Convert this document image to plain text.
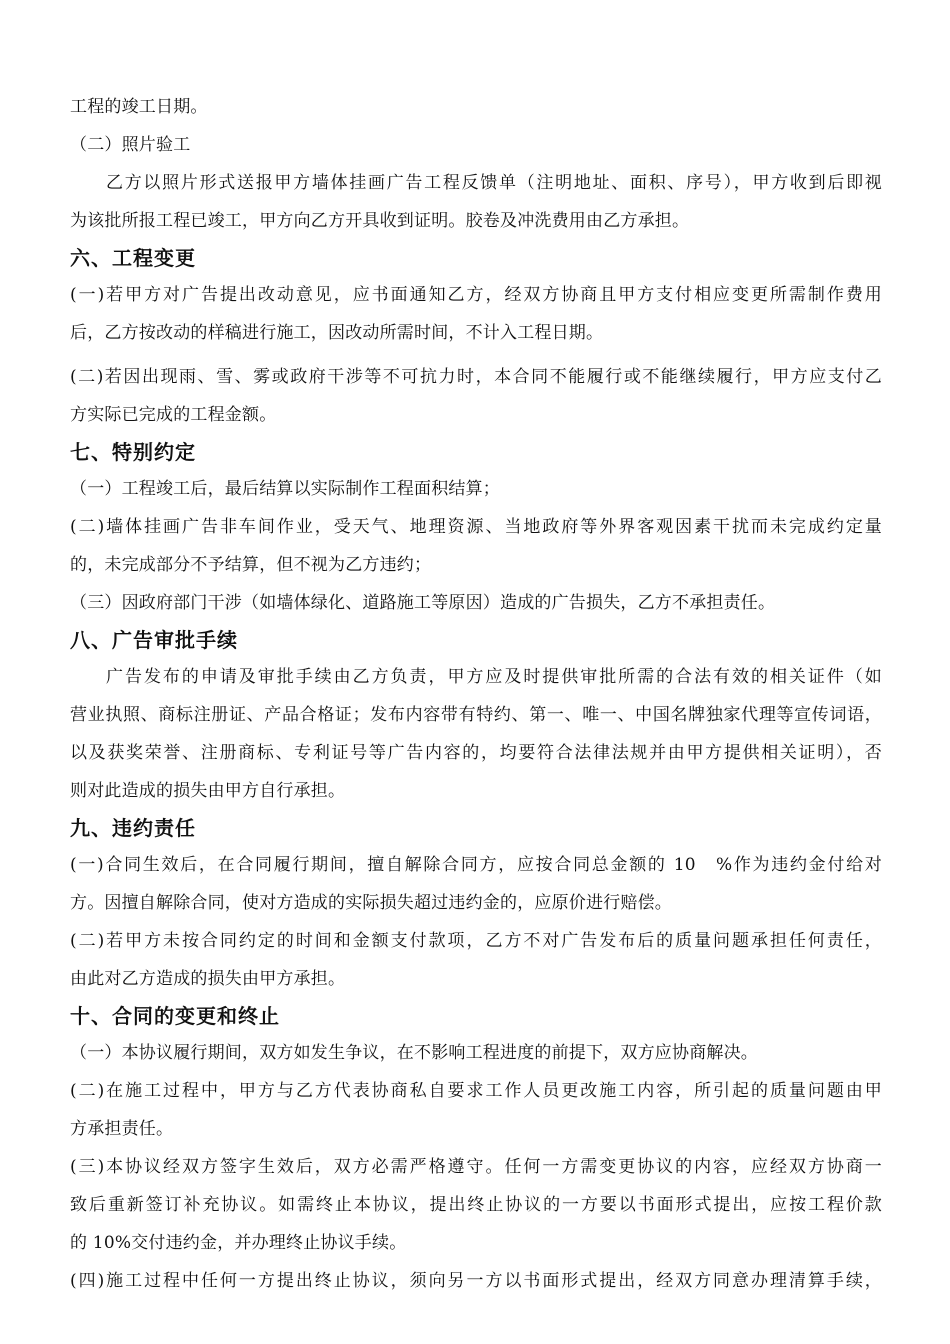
工程的竣工日期。
（二）照片验工
乙方以照片形式送报甲方墙体挂画广告工程反馈单（注明地址、面积、序号），甲方收到后即视
为该批所报工程已竣工，甲方向乙方开具收到证明。胶卷及冲洗费用由乙方承担。
六、工程变更
(一)若甲方对广告提出改动意见，应书面通知乙方，经双方协商且甲方支付相应变更所需制作费用
后，乙方按改动的样稿进行施工，因改动所需时间，不计入工程日期。
(二)若因出现雨、雪、雾或政府干涉等不可抗力时，本合同不能履行或不能继续履行，甲方应支付乙
方实际已完成的工程金额。
七、特别约定
（一）工程竣工后，最后结算以实际制作工程面积结算；
(二)墙体挂画广告非车间作业，受天气、地理资源、当地政府等外界客观因素干扰而未完成约定量
的，未完成部分不予结算，但不视为乙方违约；
（三）因政府部门干涉（如墙体绿化、道路施工等原因）造成的广告损失，乙方不承担责任。
八、广告审批手续
广告发布的申请及审批手续由乙方负责，甲方应及时提供审批所需的合法有效的相关证件（如
营业执照、商标注册证、产品合格证；发布内容带有特约、第一、唯一、中国名牌独家代理等宣传词语，
以及获奖荣誉、注册商标、专利证号等广告内容的，均要符合法律法规并由甲方提供相关证明），否
则对此造成的损失由甲方自行承担。
九、违约责任
(一)合同生效后，在合同履行期间，擅自解除合同方，应按合同总金额的 10　%作为违约金付给对
方。因擅自解除合同，使对方造成的实际损失超过违约金的，应原价进行赔偿。
(二)若甲方未按合同约定的时间和金额支付款项，乙方不对广告发布后的质量问题承担任何责任，
由此对乙方造成的损失由甲方承担。
十、合同的变更和终止
（一）本协议履行期间，双方如发生争议，在不影响工程进度的前提下，双方应协商解决。
(二)在施工过程中，甲方与乙方代表协商私自要求工作人员更改施工内容，所引起的质量问题由甲
方承担责任。
(三)本协议经双方签字生效后，双方必需严格遵守。任何一方需变更协议的内容，应经双方协商一
致后重新签订补充协议。如需终止本协议，提出终止协议的一方要以书面形式提出，应按工程价款
的 10%交付违约金，并办理终止协议手续。
(四)施工过程中任何一方提出终止协议，须向另一方以书面形式提出，经双方同意办理清算手续，
